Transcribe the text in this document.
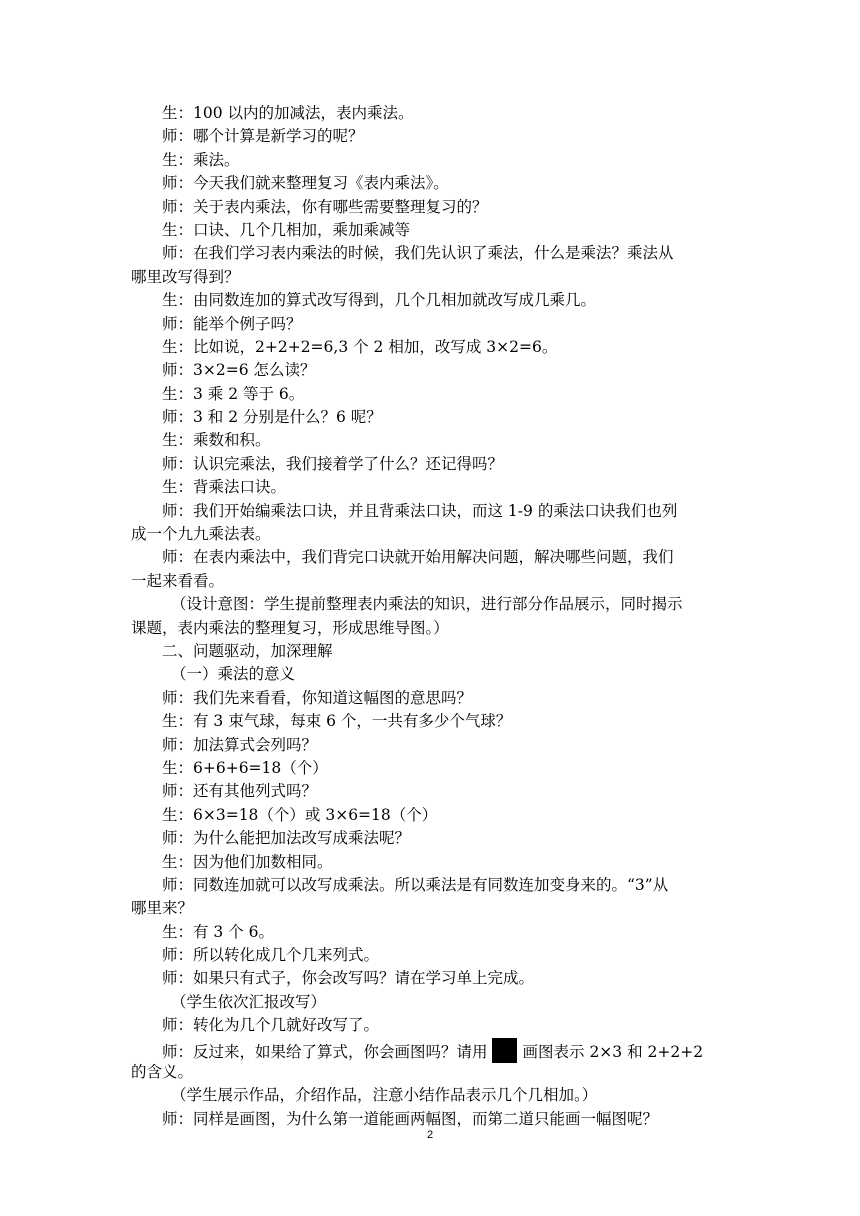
生：100 以内的加减法，表内乘法。
师：哪个计算是新学习的呢？
生：乘法。
师：今天我们就来整理复习《表内乘法》。
师：关于表内乘法，你有哪些需要整理复习的？
生：口诀、几个几相加，乘加乘减等
师：在我们学习表内乘法的时候，我们先认识了乘法，什么是乘法？乘法从
哪里改写得到？
生：由同数连加的算式改写得到，几个几相加就改写成几乘几。
师：能举个例子吗？
生：比如说，2+2+2=6,3 个 2 相加，改写成 3×2=6。
师：3×2=6 怎么读？
生：3 乘 2 等于 6。
师：3 和 2 分别是什么？6 呢？
生：乘数和积。
师：认识完乘法，我们接着学了什么？还记得吗？
生：背乘法口诀。
师：我们开始编乘法口诀，并且背乘法口诀，而这 1-9 的乘法口诀我们也列
成一个九九乘法表。
师：在表内乘法中，我们背完口诀就开始用解决问题，解决哪些问题，我们
一起来看看。
（设计意图：学生提前整理表内乘法的知识，进行部分作品展示，同时揭示
课题，表内乘法的整理复习，形成思维导图。）
二、问题驱动，加深理解
（一）乘法的意义
师：我们先来看看，你知道这幅图的意思吗？
生：有 3 束气球，每束 6 个，一共有多少个气球？
师：加法算式会列吗？
生：6+6+6=18（个）
师：还有其他列式吗？
生：6×3=18（个）或 3×6=18（个）
师：为什么能把加法改写成乘法呢？
生：因为他们加数相同。
师：同数连加就可以改写成乘法。所以乘法是有同数连加变身来的。“3”从
哪里来？
生：有 3 个 6。
师：所以转化成几个几来列式。
师：如果只有式子，你会改写吗？请在学习单上完成。
（学生依次汇报改写）
师：转化为几个几就好改写了。
师：反过来，如果给了算式，你会画图吗？请用 画图表示 2×3 和 2+2+2
的含义。
（学生展示作品，介绍作品，注意小结作品表示几个几相加。）
师：同样是画图，为什么第一道能画两幅图，而第二道只能画一幅图呢？
2
